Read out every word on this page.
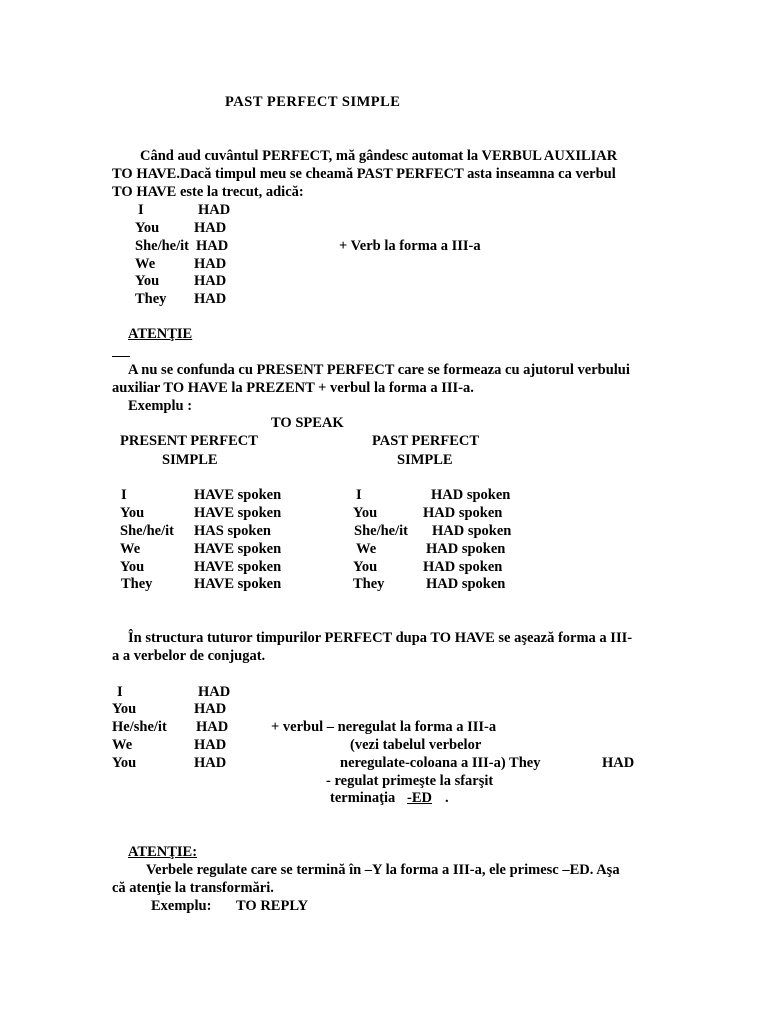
PAST PERFECT SIMPLE
Când aud cuvântul PERFECT, mă gândesc automat la VERBUL AUXILIAR
TO HAVE.Dacă timpul meu se cheamă PAST PERFECT asta inseamna ca verbul
TO HAVE este la trecut, adică:
I	HAD
You HAD
She/he/it HAD
We	HAD
You HAD
They HAD
+ Verb la forma a III-a
ATENŢIE
A nu se confunda cu PRESENT PERFECT care se formeaza cu ajutorul verbului
auxiliar TO HAVE la PREZENT + verbul la forma a III-a.
Exemplu :
TO SPEAK
PRESENT PERFECT	PAST PERFECT
SIMPLE	SIMPLE
I	HAVE spoken	I	HAD spoken
You	HAVE spoken	You	HAD spoken
She/he/it HAS spoken	She/he/it HAD spoken
We	HAVE spoken	We	HAD spoken
You	HAVE spoken	You	HAD spoken
They	HAVE spoken	They	HAD spoken
În structura tuturor timpurilor PERFECT dupa TO HAVE se aşează forma a III-
a a verbelor de conjugat.
I	HAD
You	HAD
He/she/it HAD
We	HAD
You	HAD
+ verbul – neregulat la forma a III-a
(vezi tabelul verbelor
neregulate-coloana a III-a) They	HAD
- regulat primeşte la sfarşit
terminaţia -ED .
ATENŢIE:
Verbele regulate care se termină în –Y la forma a III-a, ele primesc –ED. Aşa
că atenţie la transformări.
Exemplu: TO REPLY
